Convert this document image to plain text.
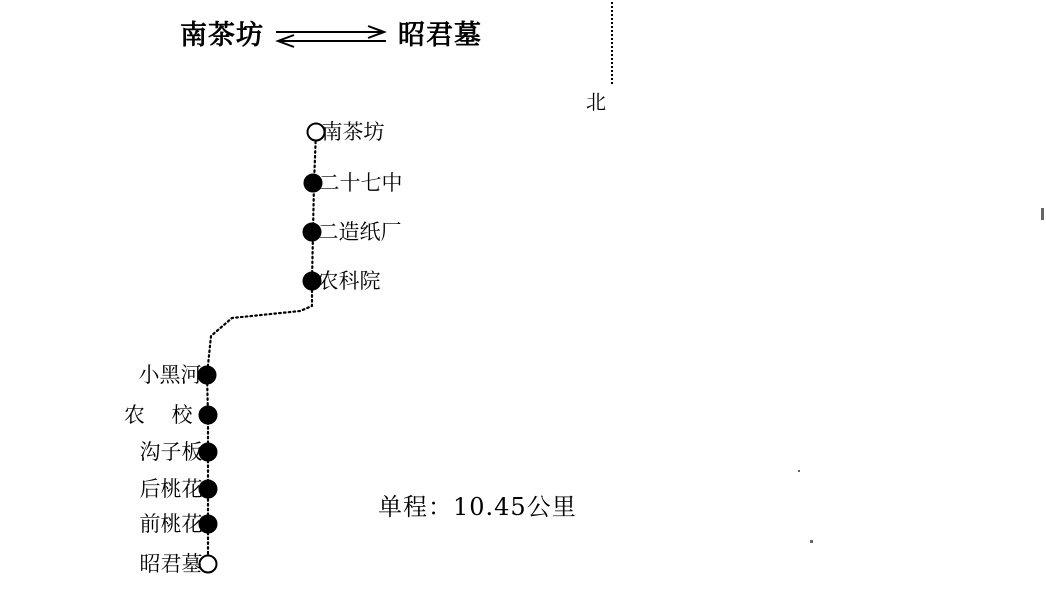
南茶坊	昭君墓
北
南茶坊
二十七中
二造纸厂
农科院
小黑河
农 校
沟子板
后桃花
前桃花
昭君墓
单程：10.45公里
